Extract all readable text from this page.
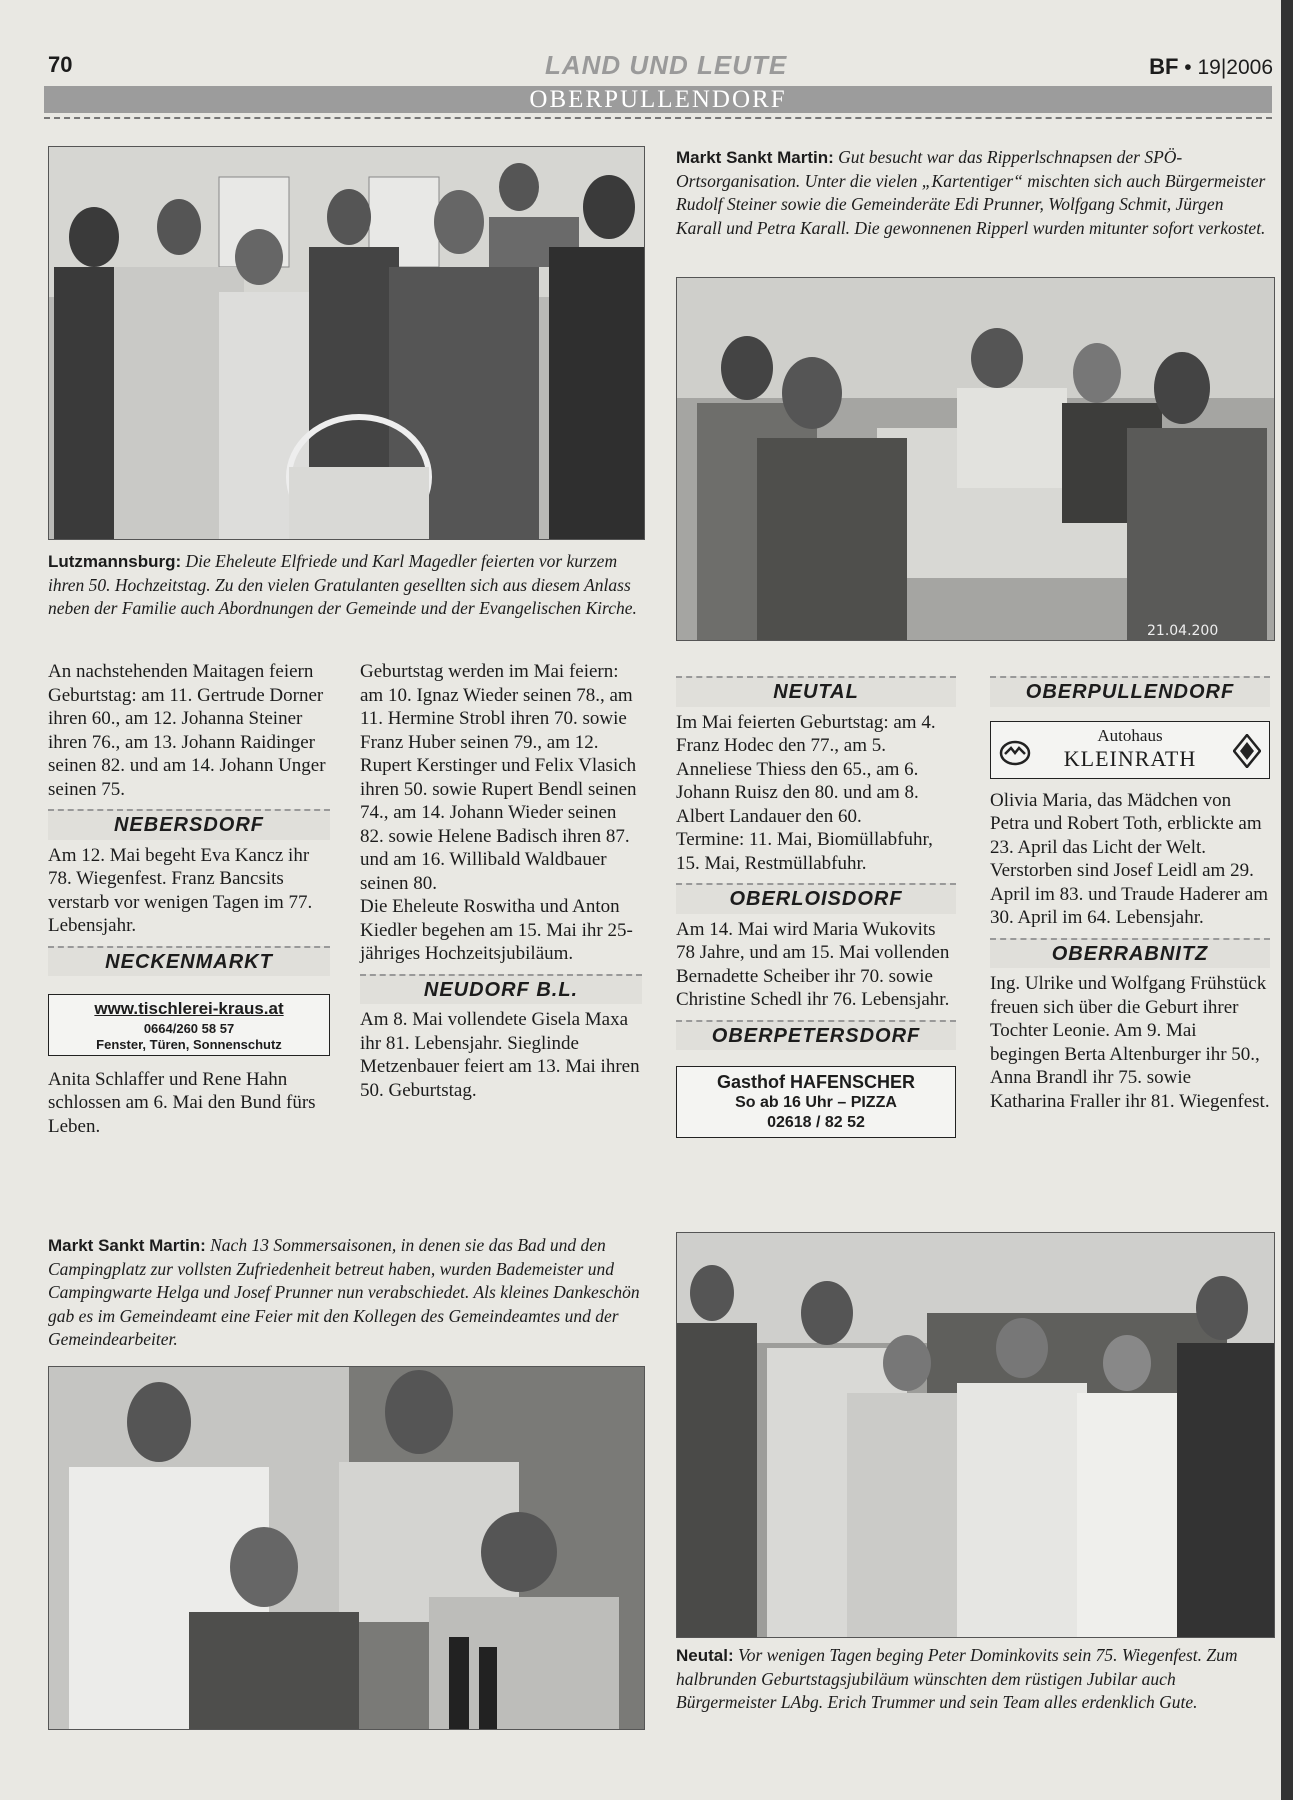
70	LAND UND LEUTE	BF • 19|2006
OBERPULLENDORF
Lutzmannsburg: Die Eheleute Elfriede und Karl Magedler feierten vor kurzem ihren 50. Hochzeitstag. Zu den vielen Gratulanten gesellten sich aus diesem Anlass neben der Familie auch Abordnungen der Gemeinde und der Evangelischen Kirche.
Markt Sankt Martin: Gut besucht war das Ripperlschnapsen der SPÖ-Ortsorganisation. Unter die vielen „Kartentiger“ mischten sich auch Bürgermeister Rudolf Steiner sowie die Gemeinderäte Edi Prunner, Wolfgang Schmit, Jürgen Karall und Petra Karall. Die gewonnenen Ripperl wurden mitunter sofort verkostet.
21.04.200

An nachstehenden Maitagen feiern Geburtstag: am 11. Gertrude Dorner ihren 60., am 12. Johanna Steiner ihren 76., am 13. Johann Raidinger seinen 82. und am 14. Johann Unger seinen 75.

NEBERSDORF

Am 12. Mai begeht Eva Kancz ihr 78. Wiegenfest. Franz Bancsits verstarb vor wenigen Tagen im 77. Lebensjahr.

NECKENMARKT
www.tischlerei-kraus.at
0664/260 58 57
Fenster, Türen, Sonnenschutz

Anita Schlaffer und Rene Hahn schlossen am 6. Mai den Bund fürs Leben.

Geburtstag werden im Mai feiern: am 10. Ignaz Wieder seinen 78., am 11. Hermine Strobl ihren 70. sowie Franz Huber seinen 79., am 12. Rupert Kerstinger und Felix Vlasich ihren 50. sowie Rupert Bendl seinen 74., am 14. Johann Wieder seinen 82. sowie Helene Badisch ihren 87. und am 16. Willibald Waldbauer seinen 80.

Die Eheleute Roswitha und Anton Kiedler begehen am 15. Mai ihr 25-jähriges Hochzeitsjubiläum.

NEUDORF B.L.

Am 8. Mai vollendete Gisela Maxa ihr 81. Lebensjahr. Sieglinde Metzenbauer feiert am 13. Mai ihren 50. Geburtstag.

NEUTAL

Im Mai feierten Geburtstag: am 4. Franz Hodec den 77., am 5. Anneliese Thiess den 65., am 6. Johann Ruisz den 80. und am 8. Albert Landauer den 60.

Termine: 11. Mai, Biomüllabfuhr, 15. Mai, Restmüllabfuhr.

OBERLOISDORF

Am 14. Mai wird Maria Wukovits 78 Jahre, und am 15. Mai vollenden Bernadette Scheiber ihr 70. sowie Christine Schedl ihr 76. Lebensjahr.

OBERPETERSDORF
Gasthof HAFENSCHER
So ab 16 Uhr – PIZZA
02618 / 82 52
OBERPULLENDORF
Autohaus
KLEINRATH

Olivia Maria, das Mädchen von Petra und Robert Toth, erblickte am 23. April das Licht der Welt.

Verstorben sind Josef Leidl am 29. April im 83. und Traude Haderer am 30. April im 64. Lebensjahr.

OBERRABNITZ

Ing. Ulrike und Wolfgang Frühstück freuen sich über die Geburt ihrer Tochter Leonie. Am 9. Mai begingen Berta Altenburger ihr 50., Anna Brandl ihr 75. sowie Katharina Fraller ihr 81. Wiegenfest.

Markt Sankt Martin: Nach 13 Sommersaisonen, in denen sie das Bad und den Campingplatz zur vollsten Zufriedenheit betreut haben, wurden Bademeister und Campingwarte Helga und Josef Prunner nun verabschiedet. Als kleines Dankeschön gab es im Gemeindeamt eine Feier mit den Kollegen des Gemeindeamtes und der Gemeindearbeiter.
Neutal: Vor wenigen Tagen beging Peter Dominkovits sein 75. Wiegenfest. Zum halbrunden Geburtstagsjubiläum wünschten dem rüstigen Jubilar auch Bürgermeister LAbg. Erich Trummer und sein Team alles erdenklich Gute.
